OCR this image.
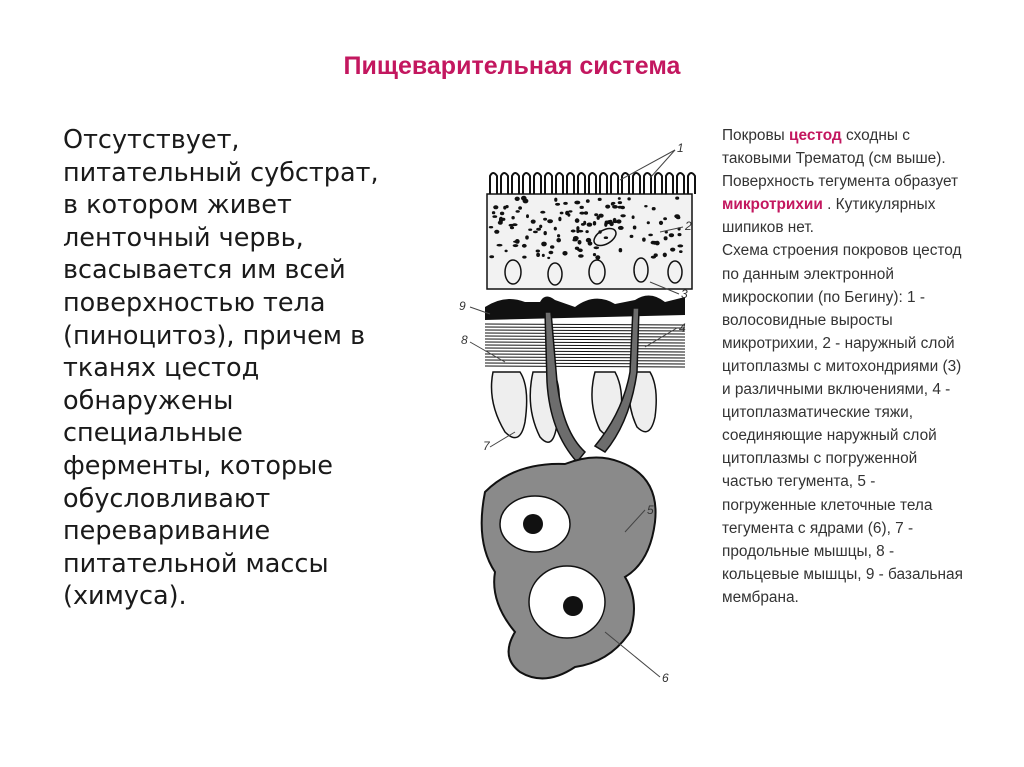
Пищеварительная система
Отсутствует,
питательный субстрат,
в котором живет
ленточный червь,
всасывается им всей
поверхностью тела
(пиноцитоз), причем в
тканях цестод
обнаружены
специальные
ферменты, которые
обусловливают
переваривание
питательной массы
(химуса).
1
2
3
4
5
6
7
8
9
Покровы цестод сходны с
таковыми Трематод (см выше).
Поверхность тегумента образует
микротрихии . Кутикулярных
шипиков нет.
Схема строения покровов цестод
по данным электронной
микроскопии (по Бегину): 1 -
волосовидные выросты
микротрихии, 2 - наружный слой
цитоплазмы с митохондриями (3)
и различными включениями, 4 -
цитоплазматические тяжи,
соединяющие наружный слой
цитоплазмы с погруженной
частью тегумента, 5 -
погруженные клеточные тела
тегумента с ядрами (6), 7 -
продольные мышцы, 8 -
кольцевые мышцы, 9 - базальная
мембрана.
